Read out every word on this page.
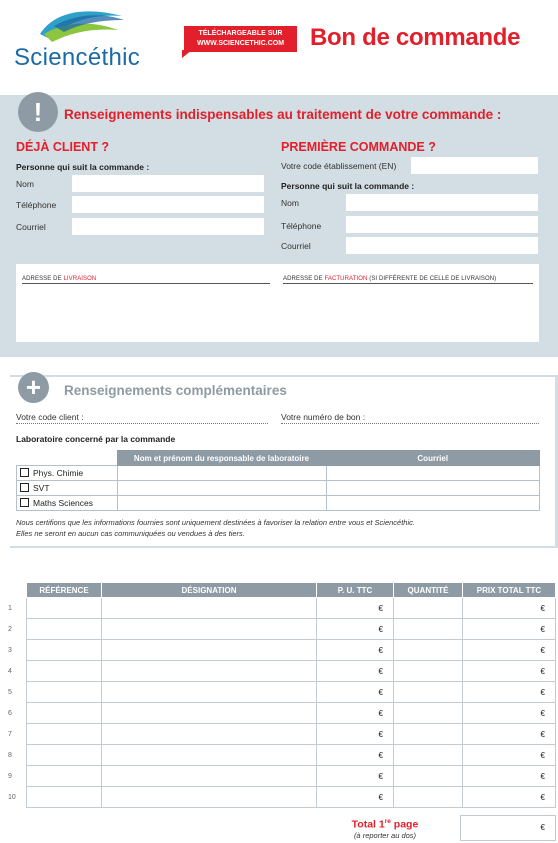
Sciencéthic
TÉLÉCHARGEABLE SUR
WWW.SCIENCETHIC.COM	Bon de commande
!	Renseignements indispensables au traitement de votre commande :
DÉJÀ CLIENT ?
Personne qui suit la commande :
Nom
Téléphone
Courriel
PREMIÈRE COMMANDE ?
Votre code établissement (EN)
Personne qui suit la commande :
Nom
Téléphone
Courriel
ADRESSE DE LIVRAISON	ADRESSE DE FACTURATION (SI DIFFÉRENTE DE CELLE DE LIVRAISON)
+	Renseignements complémentaires
Votre code client :	Votre numéro de bon :
Laboratoire concerné par la commande
	Nom et prénom du responsable de laboratoire	Courriel
Phys. Chimie		
SVT		
Maths Sciences		
Nous certifions que les informations fournies sont uniquement destinées à favoriser la relation entre vous et Sciencéthic.
Elles ne seront en aucun cas communiquées ou vendues à des tiers.
	RÉFÉRENCE	DÉSIGNATION	P. U. TTC	QUANTITÉ	PRIX TOTAL TTC
1			€		€
2			€		€
3			€		€
4			€		€
5			€		€
6			€		€
7			€		€
8			€		€
9			€		€
10			€		€
Total 1re page
(à reporter au dos)
€
